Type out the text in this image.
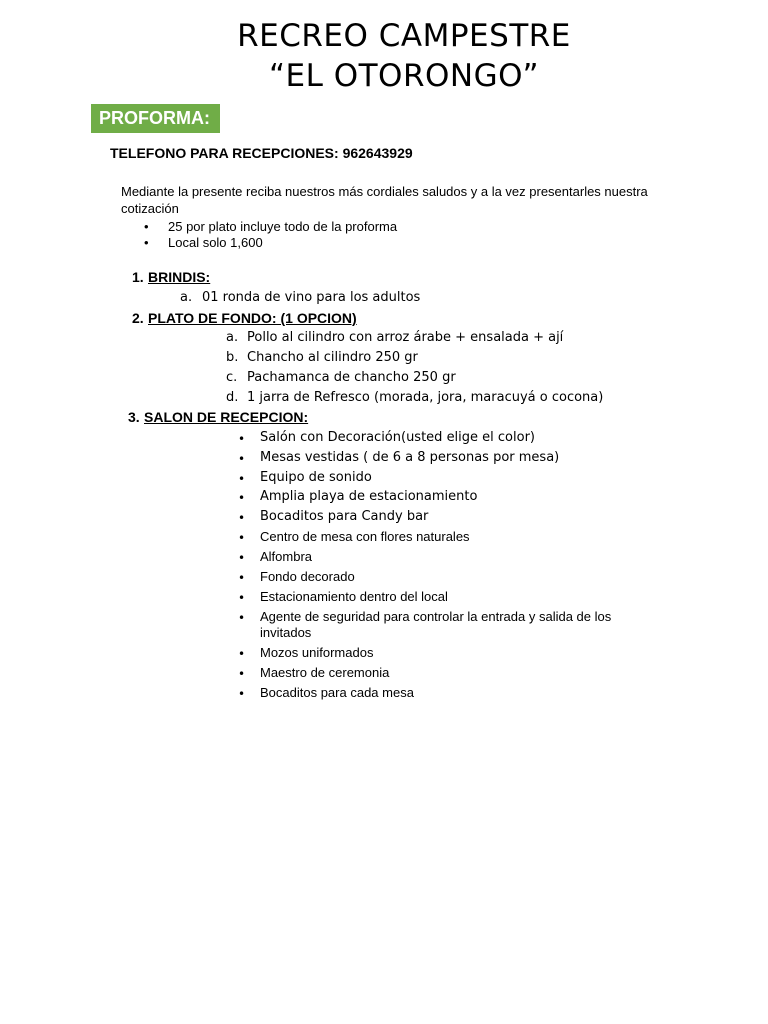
RECREO CAMPESTRE
“EL OTORONGO”
PROFORMA:
TELEFONO PARA RECEPCIONES: 962643929
Mediante la presente reciba nuestros más cordiales saludos y a la vez presentarles nuestra cotización
• 25 por plato incluye todo de la proforma
• Local solo 1,600
1. BRINDIS:
a. 01 ronda de vino para los adultos
2. PLATO DE FONDO: (1 OPCION)
a. Pollo al cilindro con arroz árabe + ensalada + ají
b. Chancho al cilindro 250 gr
c. Pachamanca de chancho 250 gr
d. 1 jarra de Refresco (morada, jora, maracuyá o cocona)
3. SALON DE RECEPCION:
• Salón con Decoración(usted elige el color)
• Mesas vestidas ( de 6 a 8 personas por mesa)
• Equipo de sonido
• Amplia playa de estacionamiento
• Bocaditos para Candy bar
• Centro de mesa con flores naturales
• Alfombra
• Fondo decorado
• Estacionamiento dentro del local
• Agente de seguridad para controlar la entrada y salida de los invitados
• Mozos uniformados
• Maestro de ceremonia
• Bocaditos para cada mesa
